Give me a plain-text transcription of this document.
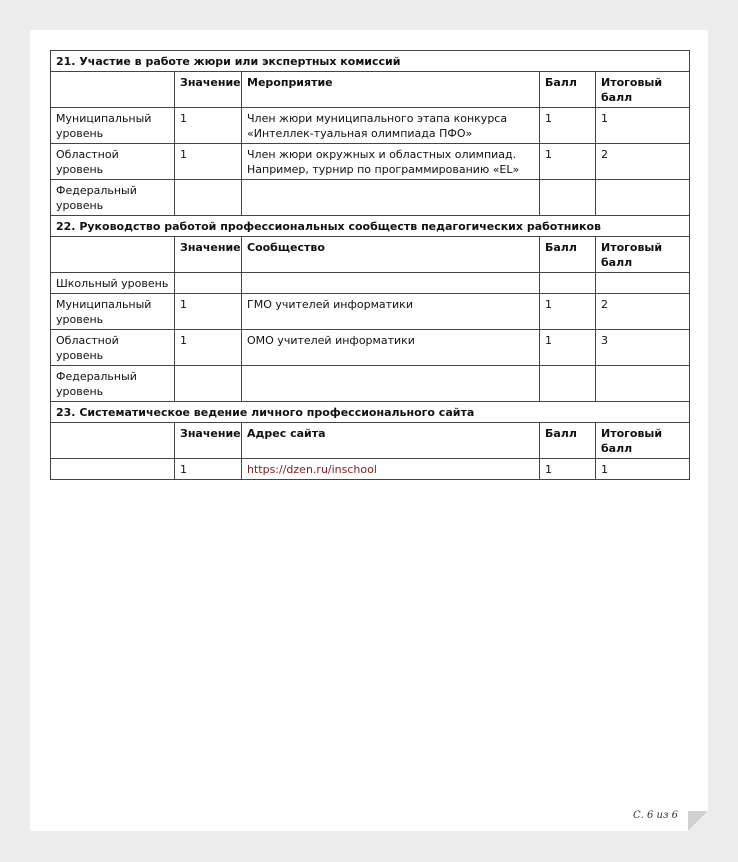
21. Участие в работе жюри или экспертных комиссий				
	Значение	Мероприятие	Балл	Итоговый балл
Муниципальный уровень	1	Член жюри муниципального этапа конкурса «Интеллек-туальная олимпиада ПФО»	1	1
Областной уровень	1	Член жюри окружных и областных олимпиад. Например, турнир по программированию «EL»	1	2
Федеральный уровень				
22. Руководство работой профессиональных сообществ педагогических работников				
	Значение	Сообщество	Балл	Итоговый балл
Школьный уровень				
Муниципальный уровень	1	ГМО учителей информатики	1	2
Областной уровень	1	ОМО учителей информатики	1	3
Федеральный уровень				
23. Систематическое ведение личного профессионального сайта				
	Значение	Адрес сайта	Балл	Итоговый балл
	1	https://dzen.ru/inschool	1	1
С. 6 из 6
